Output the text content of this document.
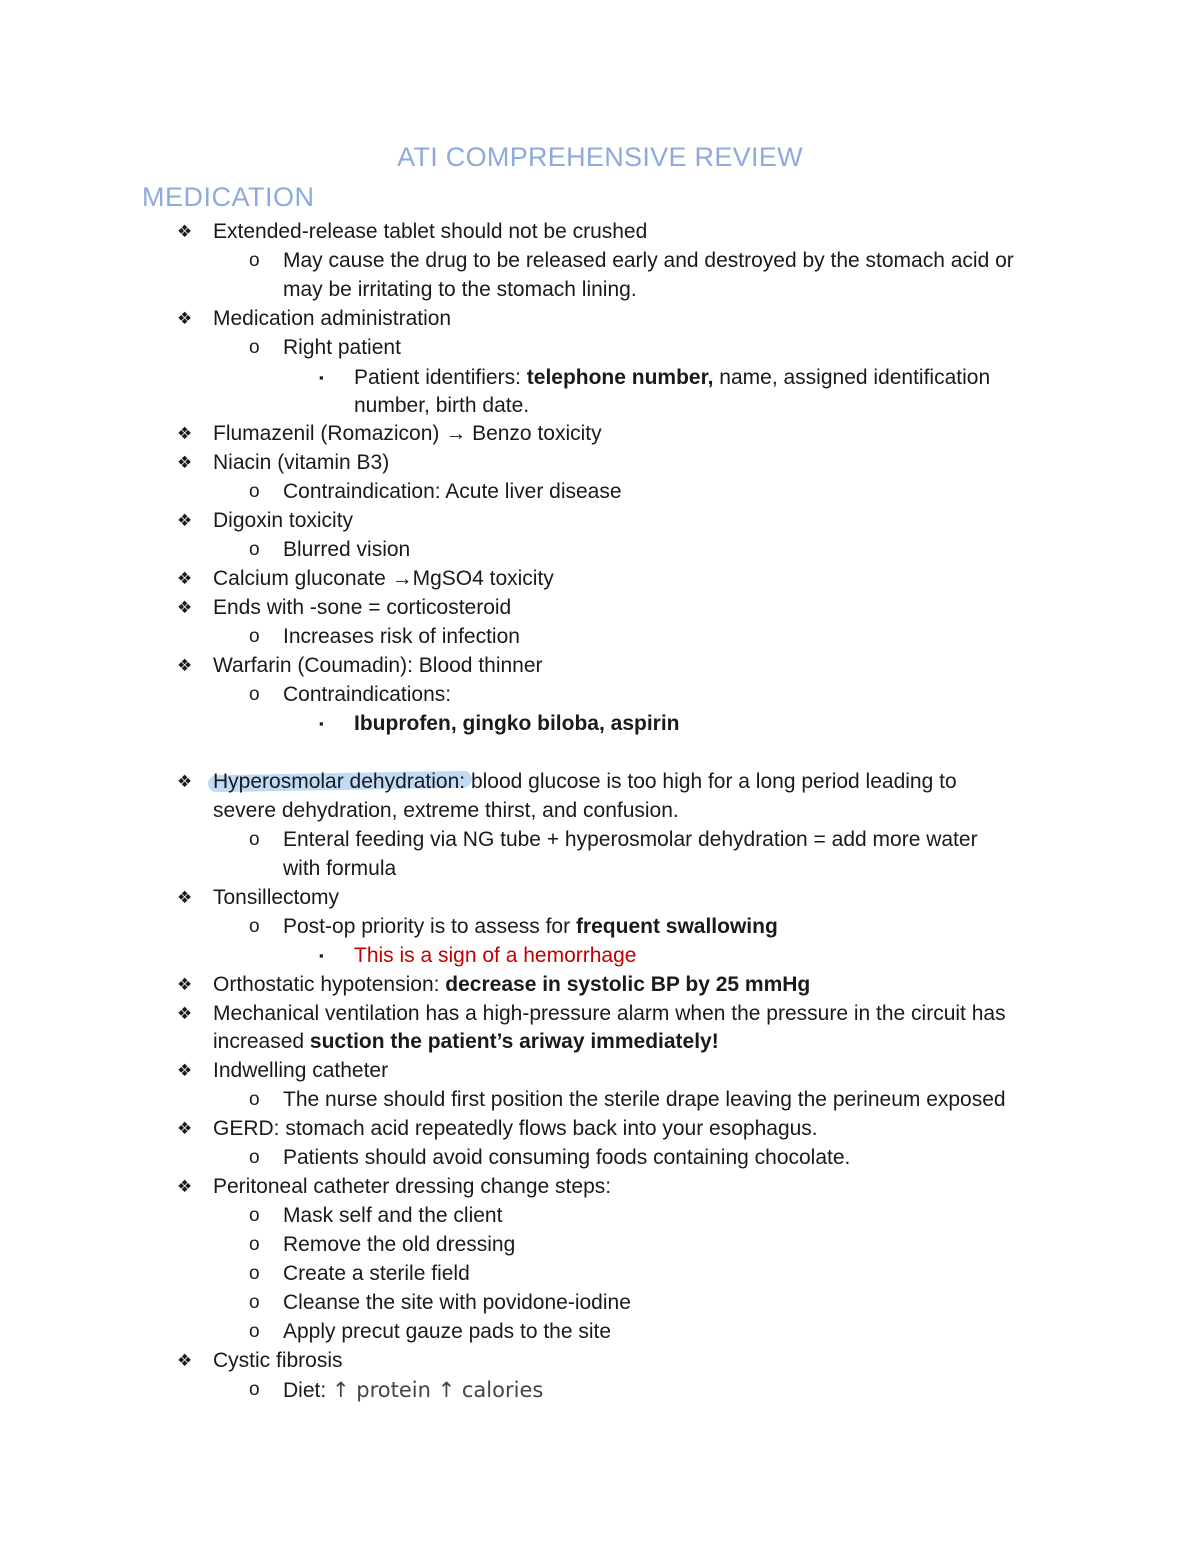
ATI COMPREHENSIVE REVIEW
MEDICATION
❖ Extended-release tablet should not be crushed
o May cause the drug to be released early and destroyed by the stomach acid or
may be irritating to the stomach lining.
❖ Medication administration
o Right patient
▪ Patient identifiers: telephone number, name, assigned identification
number, birth date.
❖ Flumazenil (Romazicon) → Benzo toxicity
❖ Niacin (vitamin B3)
o Contraindication: Acute liver disease
❖ Digoxin toxicity
o Blurred vision
❖ Calcium gluconate →MgSO4 toxicity
❖ Ends with -sone = corticosteroid
o Increases risk of infection
❖ Warfarin (Coumadin): Blood thinner
o Contraindications:
▪ Ibuprofen, gingko biloba, aspirin
❖ Hyperosmolar dehydration: blood glucose is too high for a long period leading to
severe dehydration, extreme thirst, and confusion.
o Enteral feeding via NG tube + hyperosmolar dehydration = add more water
with formula
❖ Tonsillectomy
o Post-op priority is to assess for frequent swallowing
▪ This is a sign of a hemorrhage
❖ Orthostatic hypotension: decrease in systolic BP by 25 mmHg
❖ Mechanical ventilation has a high-pressure alarm when the pressure in the circuit has
increased suction the patient’s ariway immediately!
❖ Indwelling catheter
o The nurse should first position the sterile drape leaving the perineum exposed
❖ GERD: stomach acid repeatedly flows back into your esophagus.
o Patients should avoid consuming foods containing chocolate.
❖ Peritoneal catheter dressing change steps:
o Mask self and the client
o Remove the old dressing
o Create a sterile field
o Cleanse the site with povidone-iodine
o Apply precut gauze pads to the site
❖ Cystic fibrosis
o Diet: ↑ protein ↑ calories
